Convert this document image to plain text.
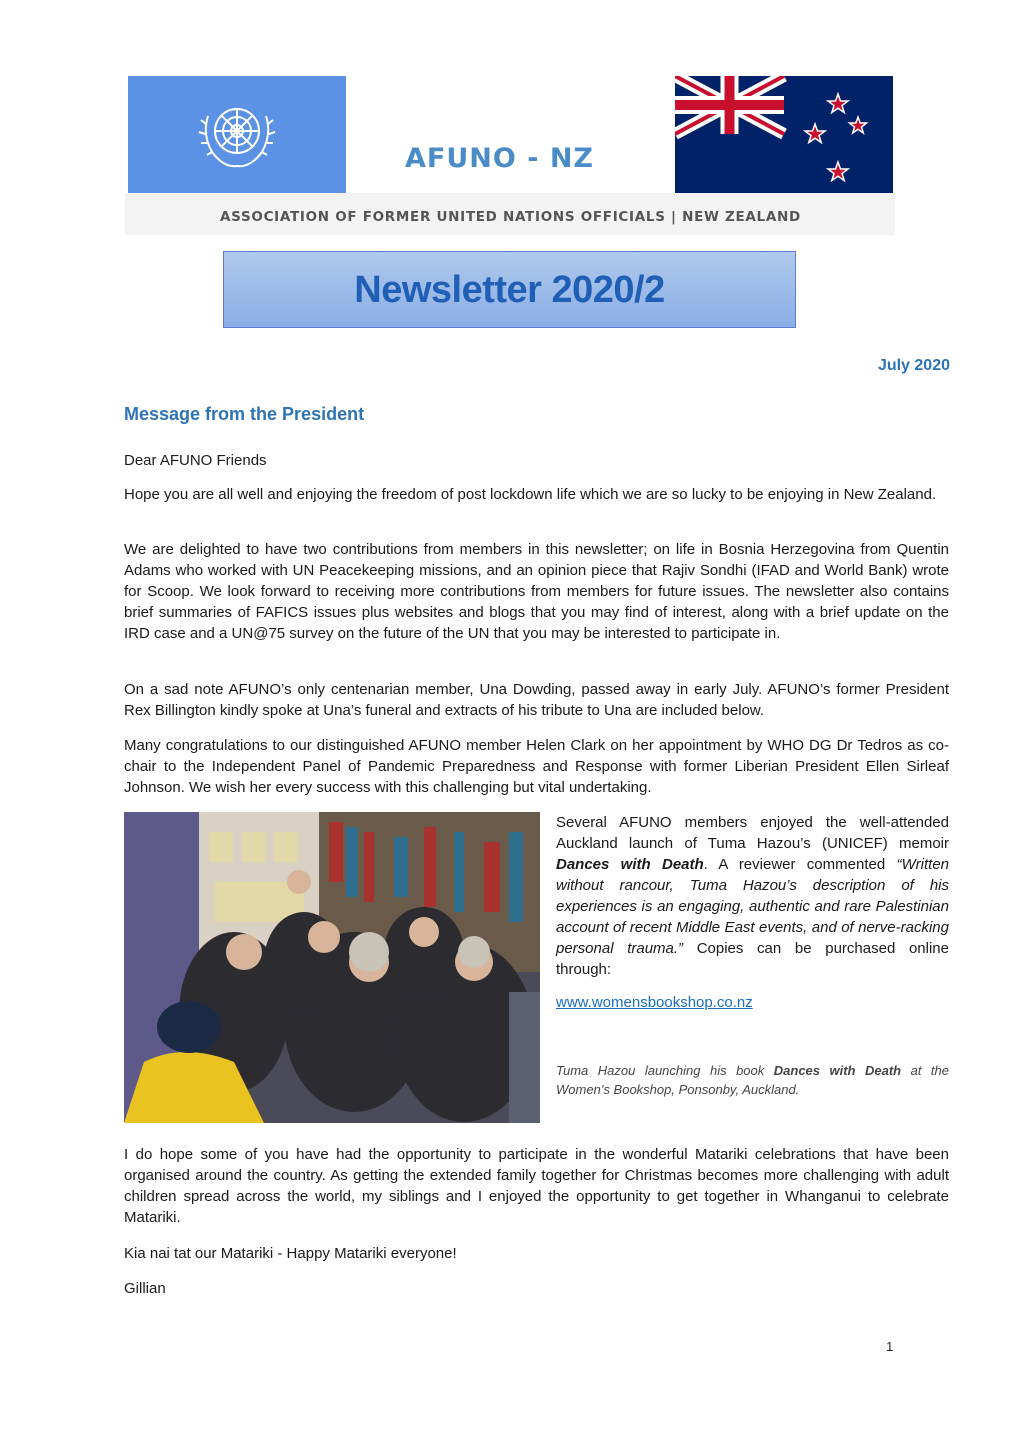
AFUNO - NZ
ASSOCIATION OF FORMER UNITED NATIONS OFFICIALS | NEW ZEALAND
Newsletter 2020/2
July 2020
Message from the President

Dear AFUNO Friends

Hope you are all well and enjoying the freedom of post lockdown life which we are so lucky to be enjoying in New Zealand.

We are delighted to have two contributions from members in this newsletter; on life in Bosnia Herzegovina from Quentin Adams who worked with UN Peacekeeping missions, and an opinion piece that Rajiv Sondhi (IFAD and World Bank) wrote for Scoop. We look forward to receiving more contributions from members for future issues. The newsletter also contains brief summaries of FAFICS issues plus websites and blogs that you may find of interest, along with a brief update on the IRD case and a UN@75 survey on the future of the UN that you may be interested to participate in.

On a sad note AFUNO’s only centenarian member, Una Dowding, passed away in early July. AFUNO’s former President Rex Billington kindly spoke at Una’s funeral and extracts of his tribute to Una are included below.

Many congratulations to our distinguished AFUNO member Helen Clark on her appointment by WHO DG Dr Tedros as co-chair to the Independent Panel of Pandemic Preparedness and Response with former Liberian President Ellen Sirleaf Johnson. We wish her every success with this challenging but vital undertaking.

Several AFUNO members enjoyed the well-attended Auckland launch of Tuma Hazou’s (UNICEF) memoir Dances with Death. A reviewer commented “Written without rancour, Tuma Hazou’s description of his experiences is an engaging, authentic and rare Palestinian account of recent Middle East events, and of nerve-racking personal trauma.” Copies can be purchased online through:

www.womensbookshop.co.nz

Tuma Hazou launching his book Dances with Death at the Women’s Bookshop, Ponsonby, Auckland.

I do hope some of you have had the opportunity to participate in the wonderful Matariki celebrations that have been organised around the country. As getting the extended family together for Christmas becomes more challenging with adult children spread across the world, my siblings and I enjoyed the opportunity to get together in Whanganui to celebrate Matariki.

Kia nai tat our Matariki - Happy Matariki everyone!

Gillian

1
